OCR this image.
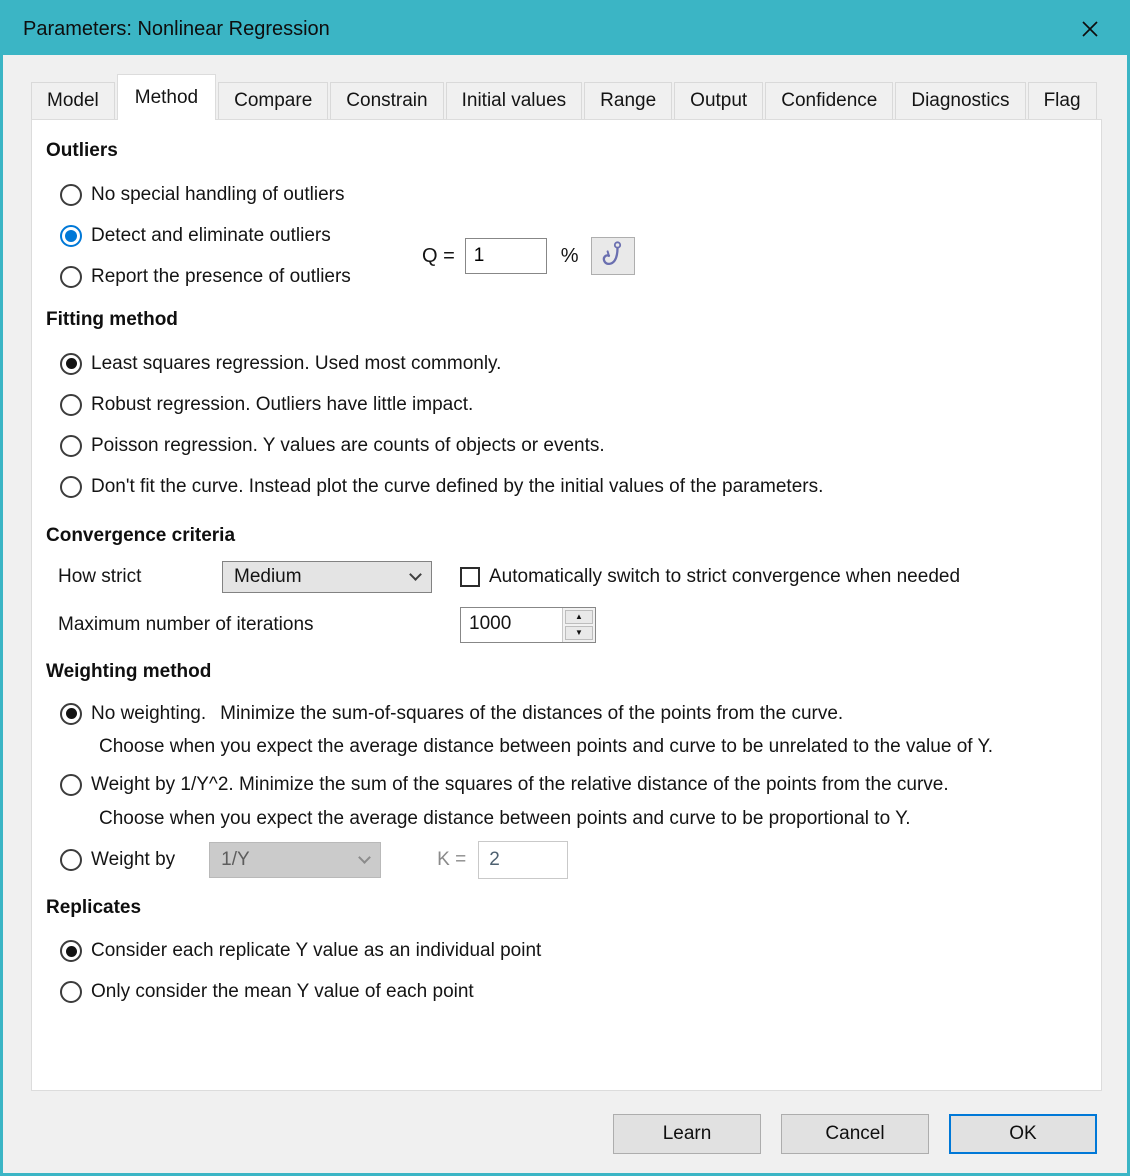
Parameters: Nonlinear Regression
Model Method Compare Constrain Initial values Range Output Confidence Diagnostics Flag
Outliers
No special handling of outliers
Detect and eliminate outliers
Report the presence of outliers
Q =
1	%
Fitting method
Least squares regression. Used most commonly.
Robust regression. Outliers have little impact.
Poisson regression. Y values are counts of objects or events.
Don't fit the curve. Instead plot the curve defined by the initial values of the parameters.
Convergence criteria
How strict	Medium	Automatically switch to strict convergence when needed
Maximum number of iterations	1000	▲
▼
Weighting method
No weighting. Minimize the sum-of-squares of the distances of the points from the curve.
Choose when you expect the average distance between points and curve to be unrelated to the value of Y.
Weight by 1/Y^2. Minimize the sum of the squares of the relative distance of the points from the curve.
Choose when you expect the average distance between points and curve to be proportional to Y.
Weight by 1/Y	K =
2
Replicates
Consider each replicate Y value as an individual point
Only consider the mean Y value of each point
Learn	Cancel	OK
